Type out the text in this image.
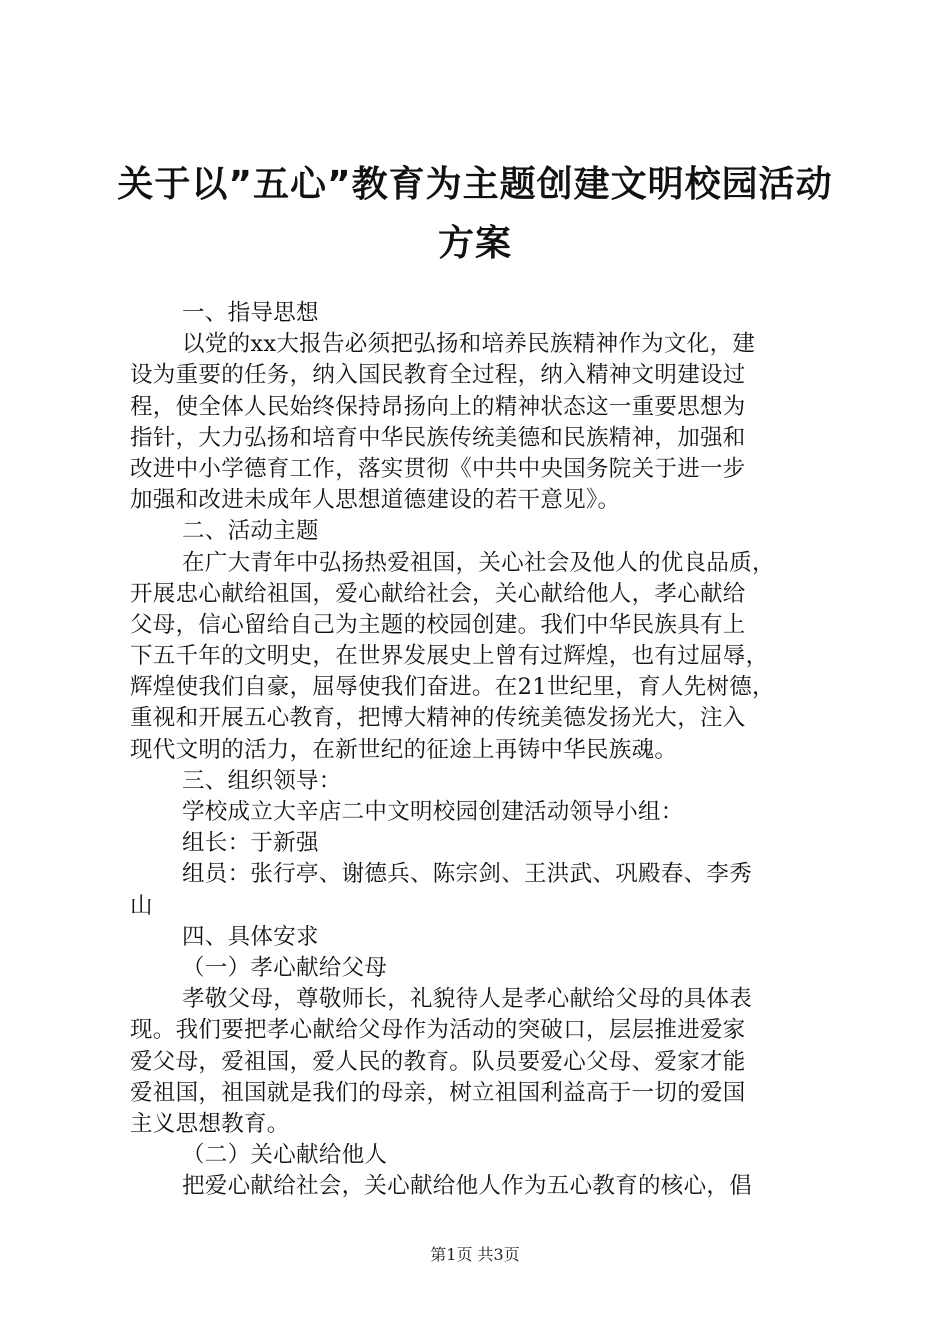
关于以”五心”教育为主题创建文明校园活动
方案
一、指导思想
以党的xx大报告必须把弘扬和培养民族精神作为文化，建
设为重要的任务，纳入国民教育全过程，纳入精神文明建设过
程，使全体人民始终保持昂扬向上的精神状态这一重要思想为
指针，大力弘扬和培育中华民族传统美德和民族精神，加强和
改进中小学德育工作，落实贯彻《中共中央国务院关于进一步
加强和改进未成年人思想道德建设的若干意见》。
二、活动主题
在广大青年中弘扬热爱祖国，关心社会及他人的优良品质，
开展忠心献给祖国，爱心献给社会，关心献给他人，孝心献给
父母，信心留给自己为主题的校园创建。我们中华民族具有上
下五千年的文明史，在世界发展史上曾有过辉煌，也有过屈辱，
辉煌使我们自豪，屈辱使我们奋进。在21世纪里，育人先树德，
重视和开展五心教育，把博大精神的传统美德发扬光大，注入
现代文明的活力，在新世纪的征途上再铸中华民族魂。
三、组织领导：
学校成立大辛店二中文明校园创建活动领导小组：
组长：于新强
组员：张行亭、谢德兵、陈宗剑、王洪武、巩殿春、李秀
山
四、具体安求
（一）孝心献给父母
孝敬父母，尊敬师长，礼貌待人是孝心献给父母的具体表
现。我们要把孝心献给父母作为活动的突破口，层层推进爱家
爱父母，爱祖国，爱人民的教育。队员要爱心父母、爱家才能
爱祖国，祖国就是我们的母亲，树立祖国利益高于一切的爱国
主义思想教育。
（二）关心献给他人
把爱心献给社会，关心献给他人作为五心教育的核心，倡
第1页 共3页
